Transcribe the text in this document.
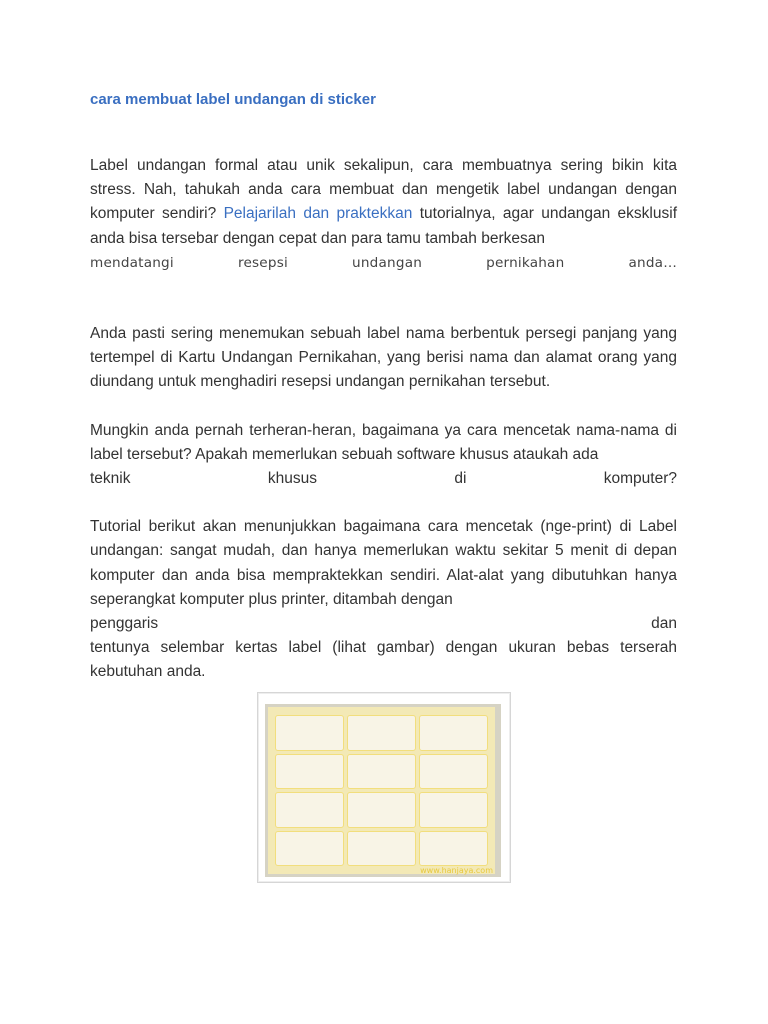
cara membuat label undangan di sticker

Label undangan formal atau unik sekalipun, cara membuatnya sering bikin kita stress. Nah, tahukah anda cara membuat dan mengetik label undangan dengan komputer sendiri? Pelajarilah dan praktekkan tutorialnya, agar undangan eksklusif anda bisa tersebar dengan cepat dan para tamu tambah berkesan
mendatangi resepsi undangan pernikahan anda…

Anda pasti sering menemukan sebuah label nama berbentuk persegi panjang yang tertempel di Kartu Undangan Pernikahan, yang berisi nama dan alamat orang yang diundang untuk menghadiri resepsi undangan pernikahan tersebut.

Mungkin anda pernah terheran-heran, bagaimana ya cara mencetak nama-nama di label tersebut? Apakah memerlukan sebuah software khusus ataukah ada
teknik khusus di komputer?

Tutorial berikut akan menunjukkan bagaimana cara mencetak (nge-print) di Label undangan: sangat mudah, dan hanya memerlukan waktu sekitar 5 menit di depan komputer dan anda bisa mempraktekkan sendiri. Alat-alat yang dibutuhkan hanya seperangkat komputer plus printer, ditambah dengan
penggaris dan
tentunya selembar kertas label (lihat gambar) dengan ukuran bebas terserah kebutuhan anda.

www.hanjaya.com
